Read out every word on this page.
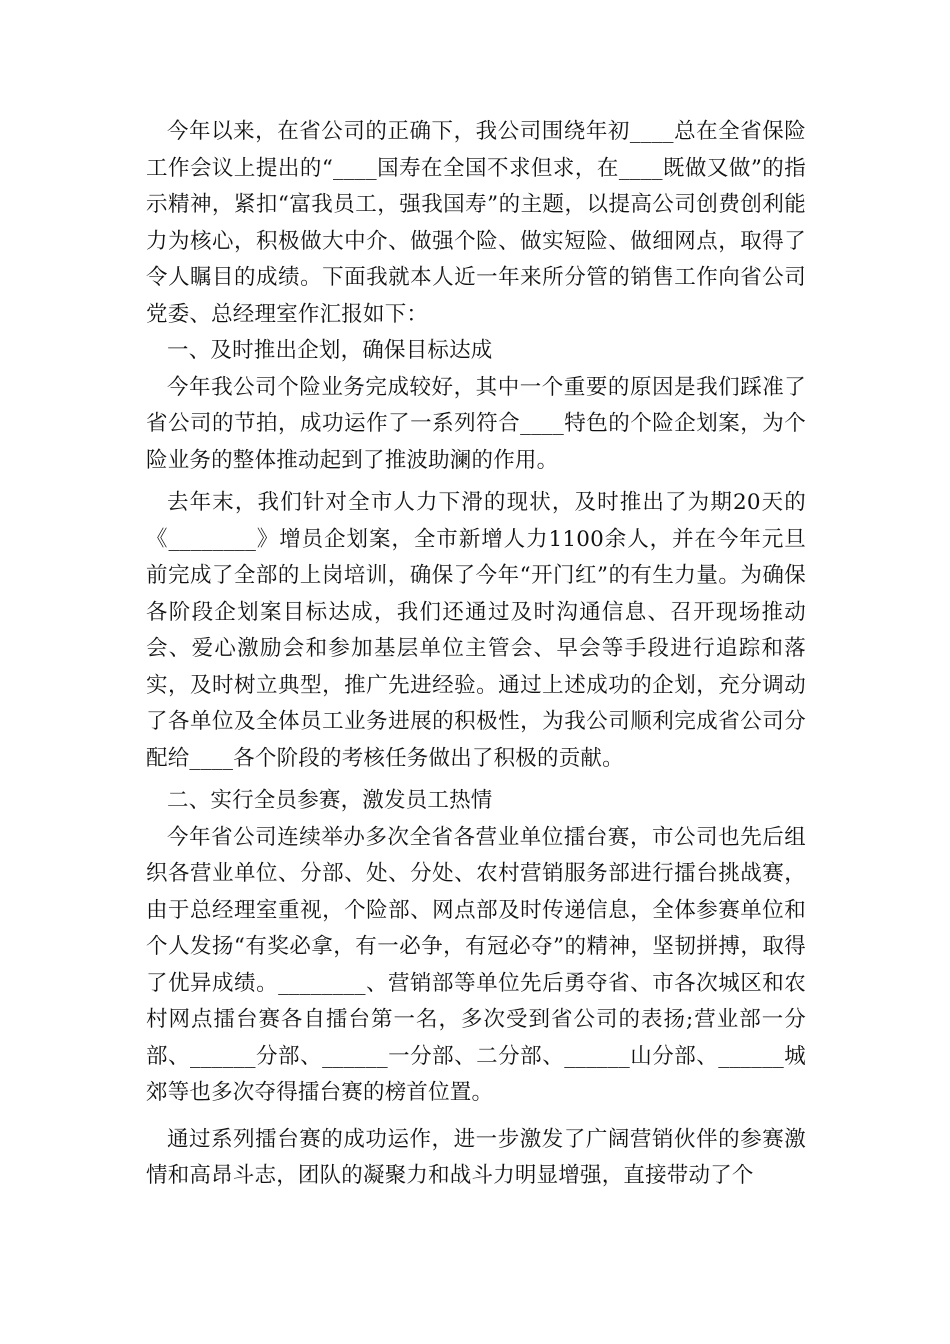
今年以来，在省公司的正确下，我公司围绕年初____总在全省保险工作会议上提出的“____国寿在全国不求但求，在____既做又做”的指示精神，紧扣“富我员工，强我国寿”的主题，以提高公司创费创利能力为核心，积极做大中介、做强个险、做实短险、做细网点，取得了令人瞩目的成绩。下面我就本人近一年来所分管的销售工作向省公司党委、总经理室作汇报如下：

一、及时推出企划，确保目标达成

今年我公司个险业务完成较好，其中一个重要的原因是我们踩准了省公司的节拍，成功运作了一系列符合____特色的个险企划案，为个险业务的整体推动起到了推波助澜的作用。

去年末，我们针对全市人力下滑的现状，及时推出了为期20天的《________》增员企划案，全市新增人力1100余人，并在今年元旦前完成了全部的上岗培训，确保了今年“开门红”的有生力量。为确保各阶段企划案目标达成，我们还通过及时沟通信息、召开现场推动会、爱心激励会和参加基层单位主管会、早会等手段进行追踪和落实，及时树立典型，推广先进经验。通过上述成功的企划，充分调动了各单位及全体员工业务进展的积极性，为我公司顺利完成省公司分配给____各个阶段的考核任务做出了积极的贡献。

二、实行全员参赛，激发员工热情

今年省公司连续举办多次全省各营业单位擂台赛，市公司也先后组织各营业单位、分部、处、分处、农村营销服务部进行擂台挑战赛，由于总经理室重视，个险部、网点部及时传递信息，全体参赛单位和个人发扬“有奖必拿，有一必争，有冠必夺”的精神，坚韧拼搏，取得了优异成绩。________、营销部等单位先后勇夺省、市各次城区和农村网点擂台赛各自擂台第一名，多次受到省公司的表扬;营业部一分部、______分部、______一分部、二分部、______山分部、______城郊等也多次夺得擂台赛的榜首位置。

通过系列擂台赛的成功运作，进一步激发了广阔营销伙伴的参赛激情和高昂斗志，团队的凝聚力和战斗力明显增强，直接带动了个
